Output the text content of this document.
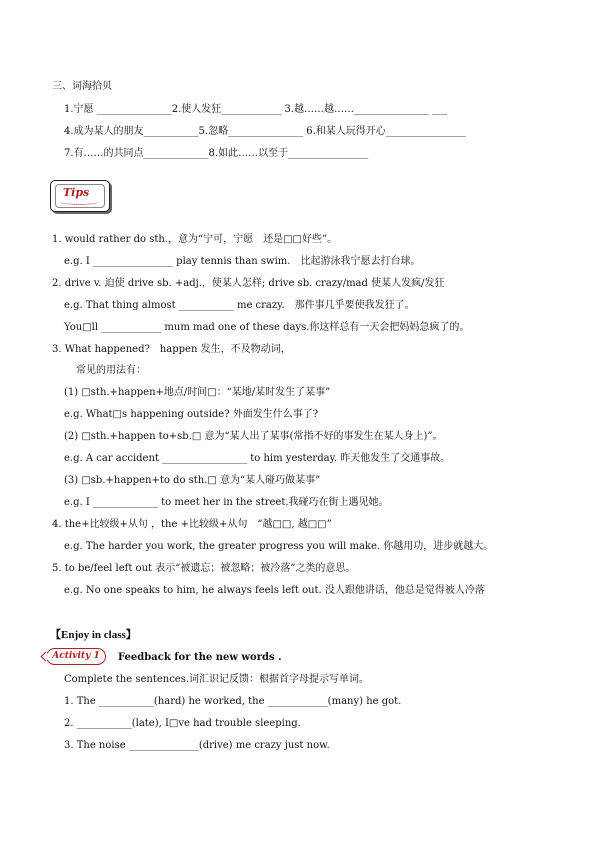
三、词海拾贝
1.宁愿 _______________2.使人发狂____________ 3.越……越……_______________ ___
4.成为某人的朋友___________5.忽略_______________ 6.和某人玩得开心________________
7.有……的共同点_____________8.如此……以至于________________
Tips
1. would rather do sth.，意为“宁可，宁愿　还是□□好些”。
e.g. I ________________ play tennis than swim.　比起游泳我宁愿去打台球。
2. drive v. 迫使 drive sb. +adj.，使某人怎样; drive sb. crazy/mad 使某人发疯/发狂
e.g. That thing almost ___________ me crazy.　那件事几乎要使我发狂了。
You□ll ____________ mum mad one of these days.你这样总有一天会把妈妈急疯了的。
3. What happened?　happen 发生，不及物动词，
常见的用法有：
(1) □sth.+happen+地点/时间□：“某地/某时发生了某事”
e.g. What□s happening outside? 外面发生什么事了?
(2) □sth.+happen to+sb.□ 意为“某人出了某事(常指不好的事发生在某人身上)”。
e.g. A car accident _________________ to him yesterday. 昨天他发生了交通事故。
(3) □sb.+happen+to do sth.□ 意为“某人碰巧做某事”
e.g. I _____________ to meet her in the street.我碰巧在街上遇见她。
4. the+比较级+从句 ，the +比较级+从句　“越□□, 越□□”
e.g. The harder you work, the greater progress you will make. 你越用功，进步就越大。
5. to be/feel left out 表示“被遗忘；被忽略；被冷落”之类的意思。
e.g. No one speaks to him, he always feels left out. 没人跟他讲话，他总是觉得被人冷落
【Enjoy in class】
Activity 1	Feedback for the new words .
Complete the sentences.词汇识记反馈：根据首字母提示写单词。
1. The ___________(hard) he worked, the ____________(many) he got.
2. ___________(late), I□ve had trouble sleeping.
3. The noise ______________(drive) me crazy just now.
